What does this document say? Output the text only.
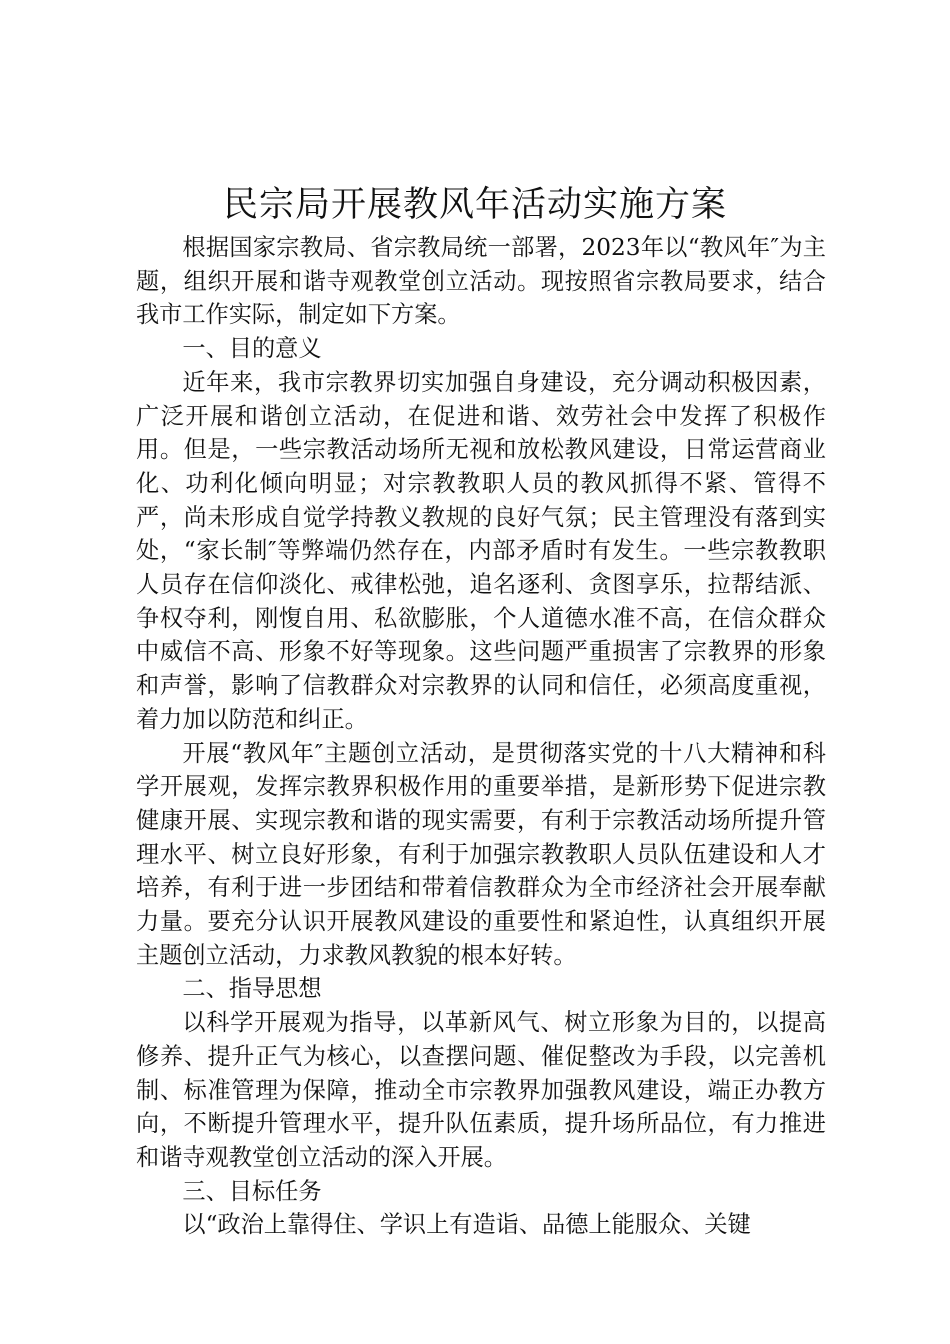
民宗局开展教风年活动实施方案

根据国家宗教局、省宗教局统一部署，2023年以“教风年″为主题，组织开展和谐寺观教堂创立活动。现按照省宗教局要求，结合我市工作实际，制定如下方案。

一、目的意义

近年来，我市宗教界切实加强自身建设，充分调动积极因素，广泛开展和谐创立活动，在促进和谐、效劳社会中发挥了积极作用。但是，一些宗教活动场所无视和放松教风建设，日常运营商业化、功利化倾向明显；对宗教教职人员的教风抓得不紧、管得不严，尚未形成自觉学持教义教规的良好气氛；民主管理没有落到实处，“家长制″等弊端仍然存在，内部矛盾时有发生。一些宗教教职人员存在信仰淡化、戒律松弛，追名逐利、贪图享乐，拉帮结派、争权夺利，刚愎自用、私欲膨胀，个人道德水准不高，在信众群众中威信不高、形象不好等现象。这些问题严重损害了宗教界的形象和声誉，影响了信教群众对宗教界的认同和信任，必须高度重视，着力加以防范和纠正。

开展“教风年″主题创立活动，是贯彻落实党的十八大精神和科学开展观，发挥宗教界积极作用的重要举措，是新形势下促进宗教健康开展、实现宗教和谐的现实需要，有利于宗教活动场所提升管理水平、树立良好形象，有利于加强宗教教职人员队伍建设和人才培养，有利于进一步团结和带着信教群众为全市经济社会开展奉献力量。要充分认识开展教风建设的重要性和紧迫性，认真组织开展主题创立活动，力求教风教貌的根本好转。

二、指导思想

以科学开展观为指导，以革新风气、树立形象为目的，以提高修养、提升正气为核心，以查摆问题、催促整改为手段，以完善机制、标准管理为保障，推动全市宗教界加强教风建设，端正办教方向，不断提升管理水平，提升队伍素质，提升场所品位，有力推进和谐寺观教堂创立活动的深入开展。

三、目标任务

以“政治上靠得住、学识上有造诣、品德上能服众、关键
